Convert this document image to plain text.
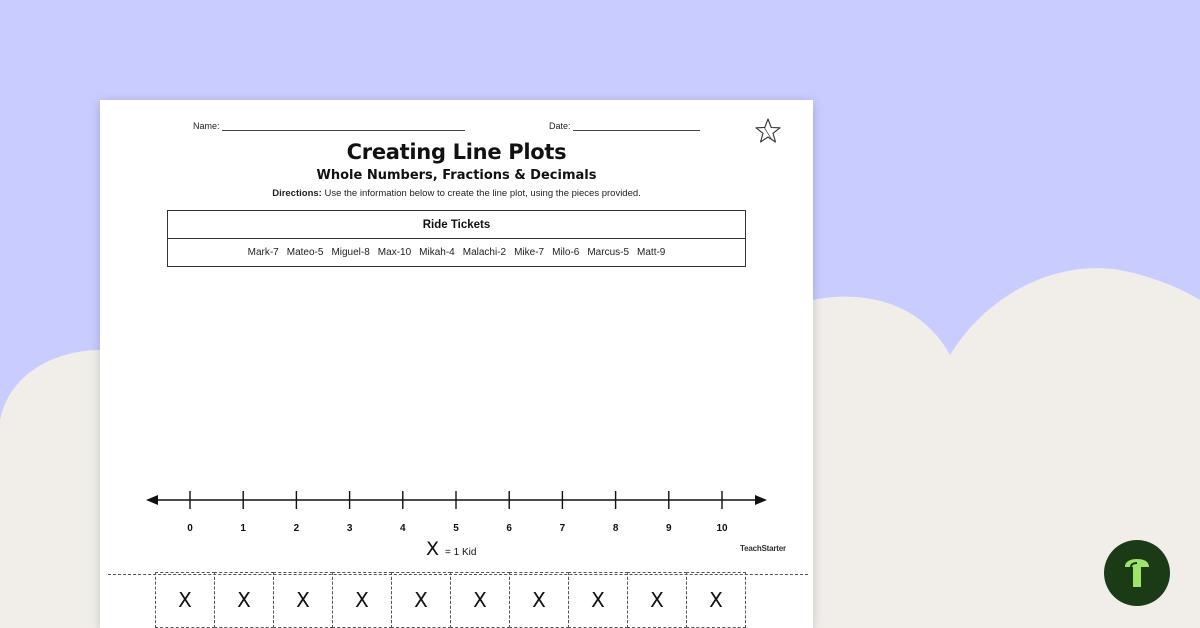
Name:	Date:
Creating Line Plots
Whole Numbers, Fractions & Decimals
Directions: Use the information below to create the line plot, using the pieces provided.
Ride Tickets
Mark-7 Mateo-5 Miguel-8 Max-10 Mikah-4 Malachi-2 Mike-7 Milo-6 Marcus-5 Matt-9
0	1	2	3	4	5	6	7	8	9	10
X = 1 Kid	TeachStarter
X	X	X	X	X	X	X	X	X	X
